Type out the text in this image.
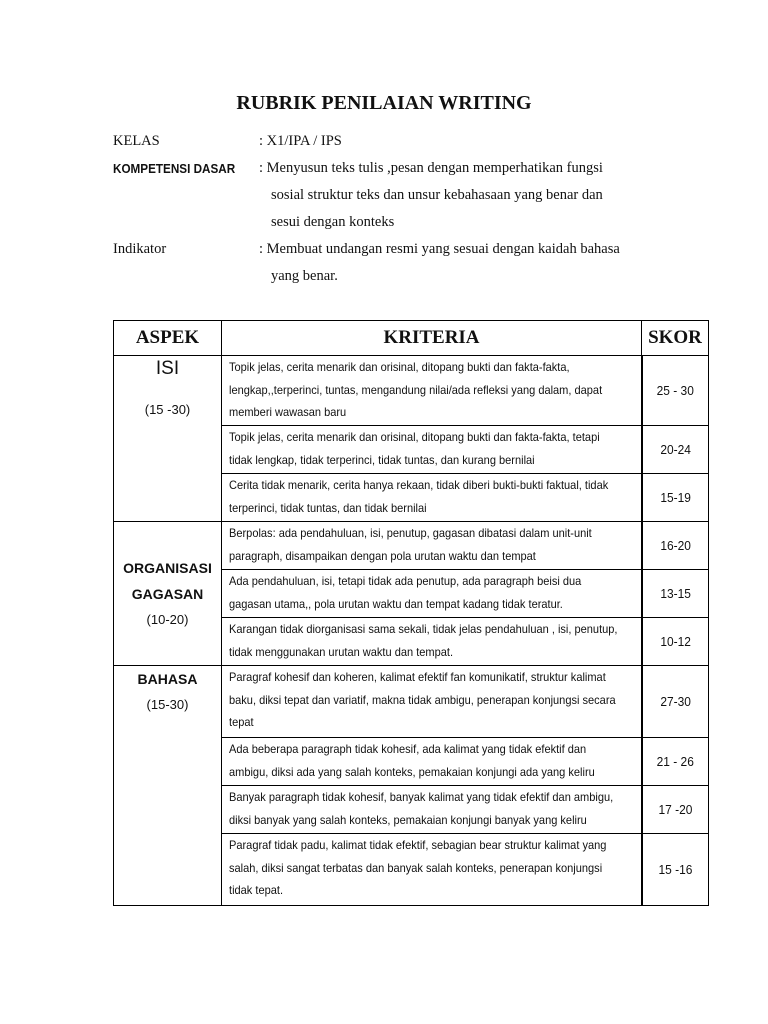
RUBRIK PENILAIAN WRITING
KELAS	: X1/IPA / IPS
KOMPETENSI DASAR : Menyusun teks tulis ,pesan dengan memperhatikan fungsi
sosial struktur teks dan unsur kebahasaan yang benar dan
sesui dengan konteks
Indikator	: Membuat undangan resmi yang sesuai dengan kaidah bahasa
yang benar.
ASPEK	KRITERIA	SKOR

ISI
(15 -30)	Topik jelas, cerita menarik dan orisinal, ditopang bukti dan fakta-fakta,
lengkap,,terperinci, tuntas, mengandung nilai/ada refleksi yang dalam, dapat
memberi wawasan baru	25 - 30

	Topik jelas, cerita menarik dan orisinal, ditopang bukti dan fakta-fakta, tetapi
tidak lengkap, tidak terperinci, tidak tuntas, dan kurang bernilai	20-24

	Cerita tidak menarik, cerita hanya rekaan, tidak diberi bukti-bukti faktual, tidak
terperinci, tidak tuntas, dan tidak bernilai	15-19

ORGANISASI
GAGASAN
(10-20)	Berpolas: ada pendahuluan, isi, penutup, gagasan dibatasi dalam unit-unit
paragraph, disampaikan dengan pola urutan waktu dan tempat	16-20

	Ada pendahuluan, isi, tetapi tidak ada penutup, ada paragraph beisi dua
gagasan utama,, pola urutan waktu dan tempat kadang tidak teratur.	13-15

	Karangan tidak diorganisasi sama sekali, tidak jelas pendahuluan , isi, penutup,
tidak menggunakan urutan waktu dan tempat.	10-12

BAHASA
(15-30)	Paragraf kohesif dan koheren, kalimat efektif fan komunikatif, struktur kalimat
baku, diksi tepat dan variatif, makna tidak ambigu, penerapan konjungsi secara
tepat	27-30

	Ada beberapa paragraph tidak kohesif, ada kalimat yang tidak efektif dan
ambigu, diksi ada yang salah konteks, pemakaian konjungi ada yang keliru	21 - 26

	Banyak paragraph tidak kohesif, banyak kalimat yang tidak efektif dan ambigu,
diksi banyak yang salah konteks, pemakaian konjungi banyak yang keliru	17 -20

	Paragraf tidak padu, kalimat tidak efektif, sebagian bear struktur kalimat yang
salah, diksi sangat terbatas dan banyak salah konteks, penerapan konjungsi
tidak tepat.	15 -16
